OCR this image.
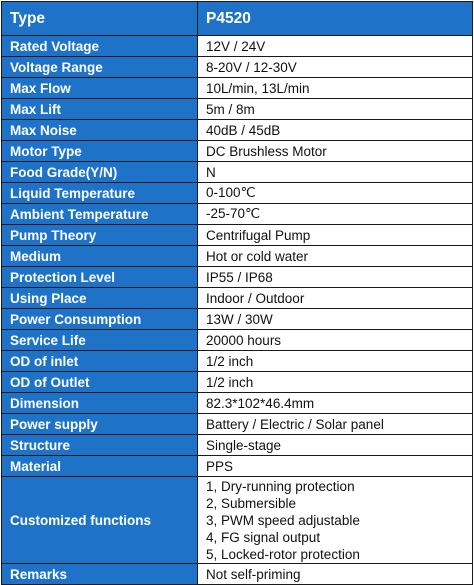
Type	P4520
Rated Voltage	12V / 24V
Voltage Range	8-20V / 12-30V
Max Flow	10L/min, 13L/min
Max Lift	5m / 8m
Max Noise	40dB / 45dB
Motor Type	DC Brushless Motor
Food Grade(Y/N)	N
Liquid Temperature	0-100℃
Ambient Temperature	-25-70℃
Pump Theory	Centrifugal Pump
Medium	Hot or cold water
Protection Level	IP55 / IP68
Using Place	Indoor / Outdoor
Power Consumption	13W / 30W
Service Life	20000 hours
OD of inlet	1/2 inch
OD of Outlet	1/2 inch
Dimension	82.3*102*46.4mm
Power supply	Battery / Electric / Solar panel
Structure	Single-stage
Material	PPS
Customized functions	1, Dry-running protection
2, Submersible
3, PWM speed adjustable
4, FG signal output
5, Locked-rotor protection

Remarks	Not self-priming
